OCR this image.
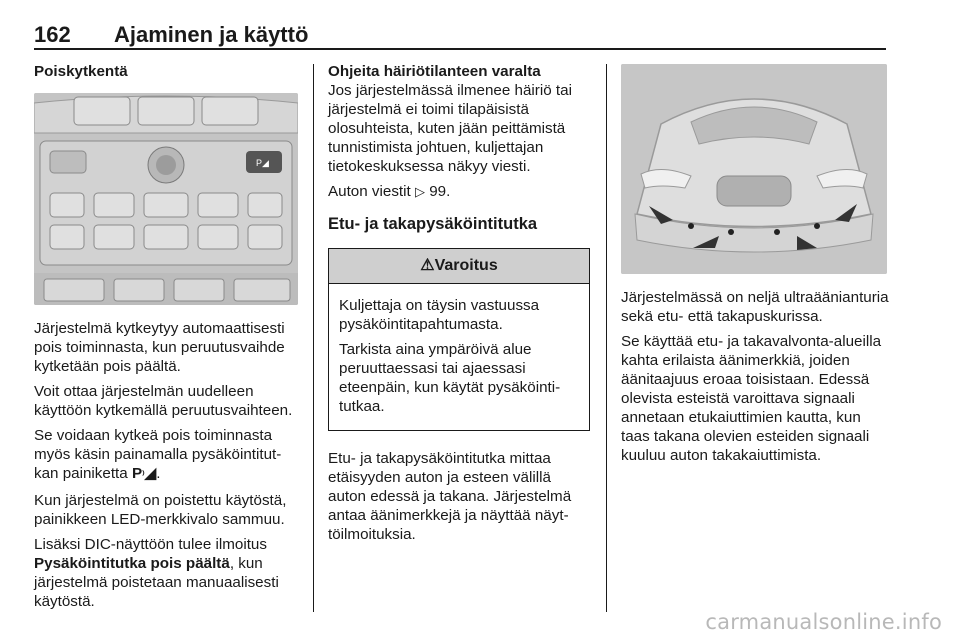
162 Ajaminen ja käyttö
Poiskytkentä
P◢

Järjestelmä kytkeytyy automaattisesti pois toiminnasta, kun peruutusvaihde kytketään pois päältä.

Voit ottaa järjestelmän uudelleen käyttöön kytkemällä peruutusvaihteen.

Se voidaan kytkeä pois toiminnasta myös käsin painamalla pysäköintitutkan painiketta P⁾◢.

Kun järjestelmä on poistettu käytöstä, painikkeen LED-merkkivalo sammuu.

Lisäksi DIC-näyttöön tulee ilmoitus Pysäköintitutka pois päältä, kun järjestelmä poistetaan manuaalisesti käytöstä.

Ohjeita häiriötilanteen varalta

Jos järjestelmässä ilmenee häiriö tai järjestelmä ei toimi tilapäisistä olosuhteista, kuten jään peittämistä tunnistimista johtuen, kuljettajan tietokeskuksessa näkyy viesti.

Auton viestit ▷ 99.

Etu- ja takapysäköintitutka
⚠Varoitus

Kuljettaja on täysin vastuussa pysäköintitapahtumasta.

Tarkista aina ympäröivä alue peruuttaessasi tai ajaessasi eteenpäin, kun käytät pysäköintitutkaa.

Etu- ja takapysäköintitutka mittaa etäisyyden auton ja esteen välillä auton edessä ja takana. Järjestelmä antaa äänimerkkejä ja näyttää näyttöilmoituksia.

Järjestelmässä on neljä ultraäänianturia sekä etu- että takapuskurissa.

Se käyttää etu- ja takavalvonta-alueilla kahta erilaista äänimerkkiä, joiden äänitaajuus eroaa toisistaan. Edessä olevista esteistä varoittava signaali annetaan etukaiuttimien kautta, kun taas takana olevien esteiden signaali kuuluu auton takakaiuttimista.

carmanualsonline.info
